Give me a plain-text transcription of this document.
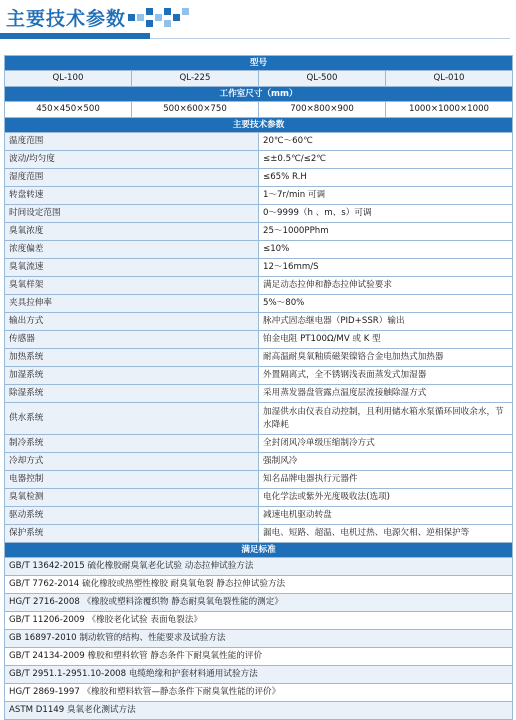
主要技术参数
型号			
QL-100	QL-225	QL-500	QL-010
工作室尺寸（mm）			
450×450×500	500×600×750	700×800×900	1000×1000×1000
主要技术参数			
温度范围		20℃～60℃	
波动/均匀度		≤±0.5℃/≤2℃	
湿度范围		≤65% R.H	
转盘转速		1～7r/min 可调	
时间设定范围		0～9999（h 、m、s）可调	
臭氧浓度		25～1000PPhm	
浓度偏差		≤10%	
臭氧流速		12～16mm/S	
臭氧样架		满足动态拉伸和静态拉伸试验要求	
夹具拉伸率		5%～80%	
输出方式		脉冲式固态继电器（PID+SSR）输出	
传感器		铂金电阻 PT100Ω/MV 或 K 型	
加热系统		耐高温耐臭氧釉质磁架镍铬合金电加热式加热器	
加湿系统		外置隔离式，全不锈钢浅表面蒸发式加湿器	
除湿系统		采用蒸发器盘管露点温度层流接触除湿方式	
供水系统		加湿供水由仪表自动控制，且利用储水箱水泵循环回收余水，节水降耗	
制冷系统		全封闭风冷单级压缩制冷方式	
冷却方式		强制风冷	
电器控制		知名品牌电器执行元器件	
臭氧检测		电化学法或紫外光度吸收法(选项)	
驱动系统		减速电机驱动转盘	
保护系统		漏电、短路、超温、电机过热、电源欠相、逆相保护等	
满足标准			
GB/T 13642-2015 硫化橡胶耐臭氧老化试验 动态拉伸试验方法			
GB/T 7762-2014 硫化橡胶或热塑性橡胶 耐臭氧龟裂 静态拉伸试验方法			
HG/T 2716-2008 《橡胶或塑料涂覆织物 静态耐臭氧龟裂性能的测定》			
GB/T 11206-2009 《橡胶老化试验 表面龟裂法》			
GB 16897-2010 制动软管的结构、性能要求及试验方法			
GB/T 24134-2009 橡胶和塑料软管 静态条件下耐臭氧性能的评价			
GB/T 2951.1-2951.10-2008 电缆绝缘和护套材料通用试验方法			
HG/T 2869-1997 《橡胶和塑料软管—静态条件下耐臭氧性能的评价》			
ASTM D1149 臭氧老化测试方法			
